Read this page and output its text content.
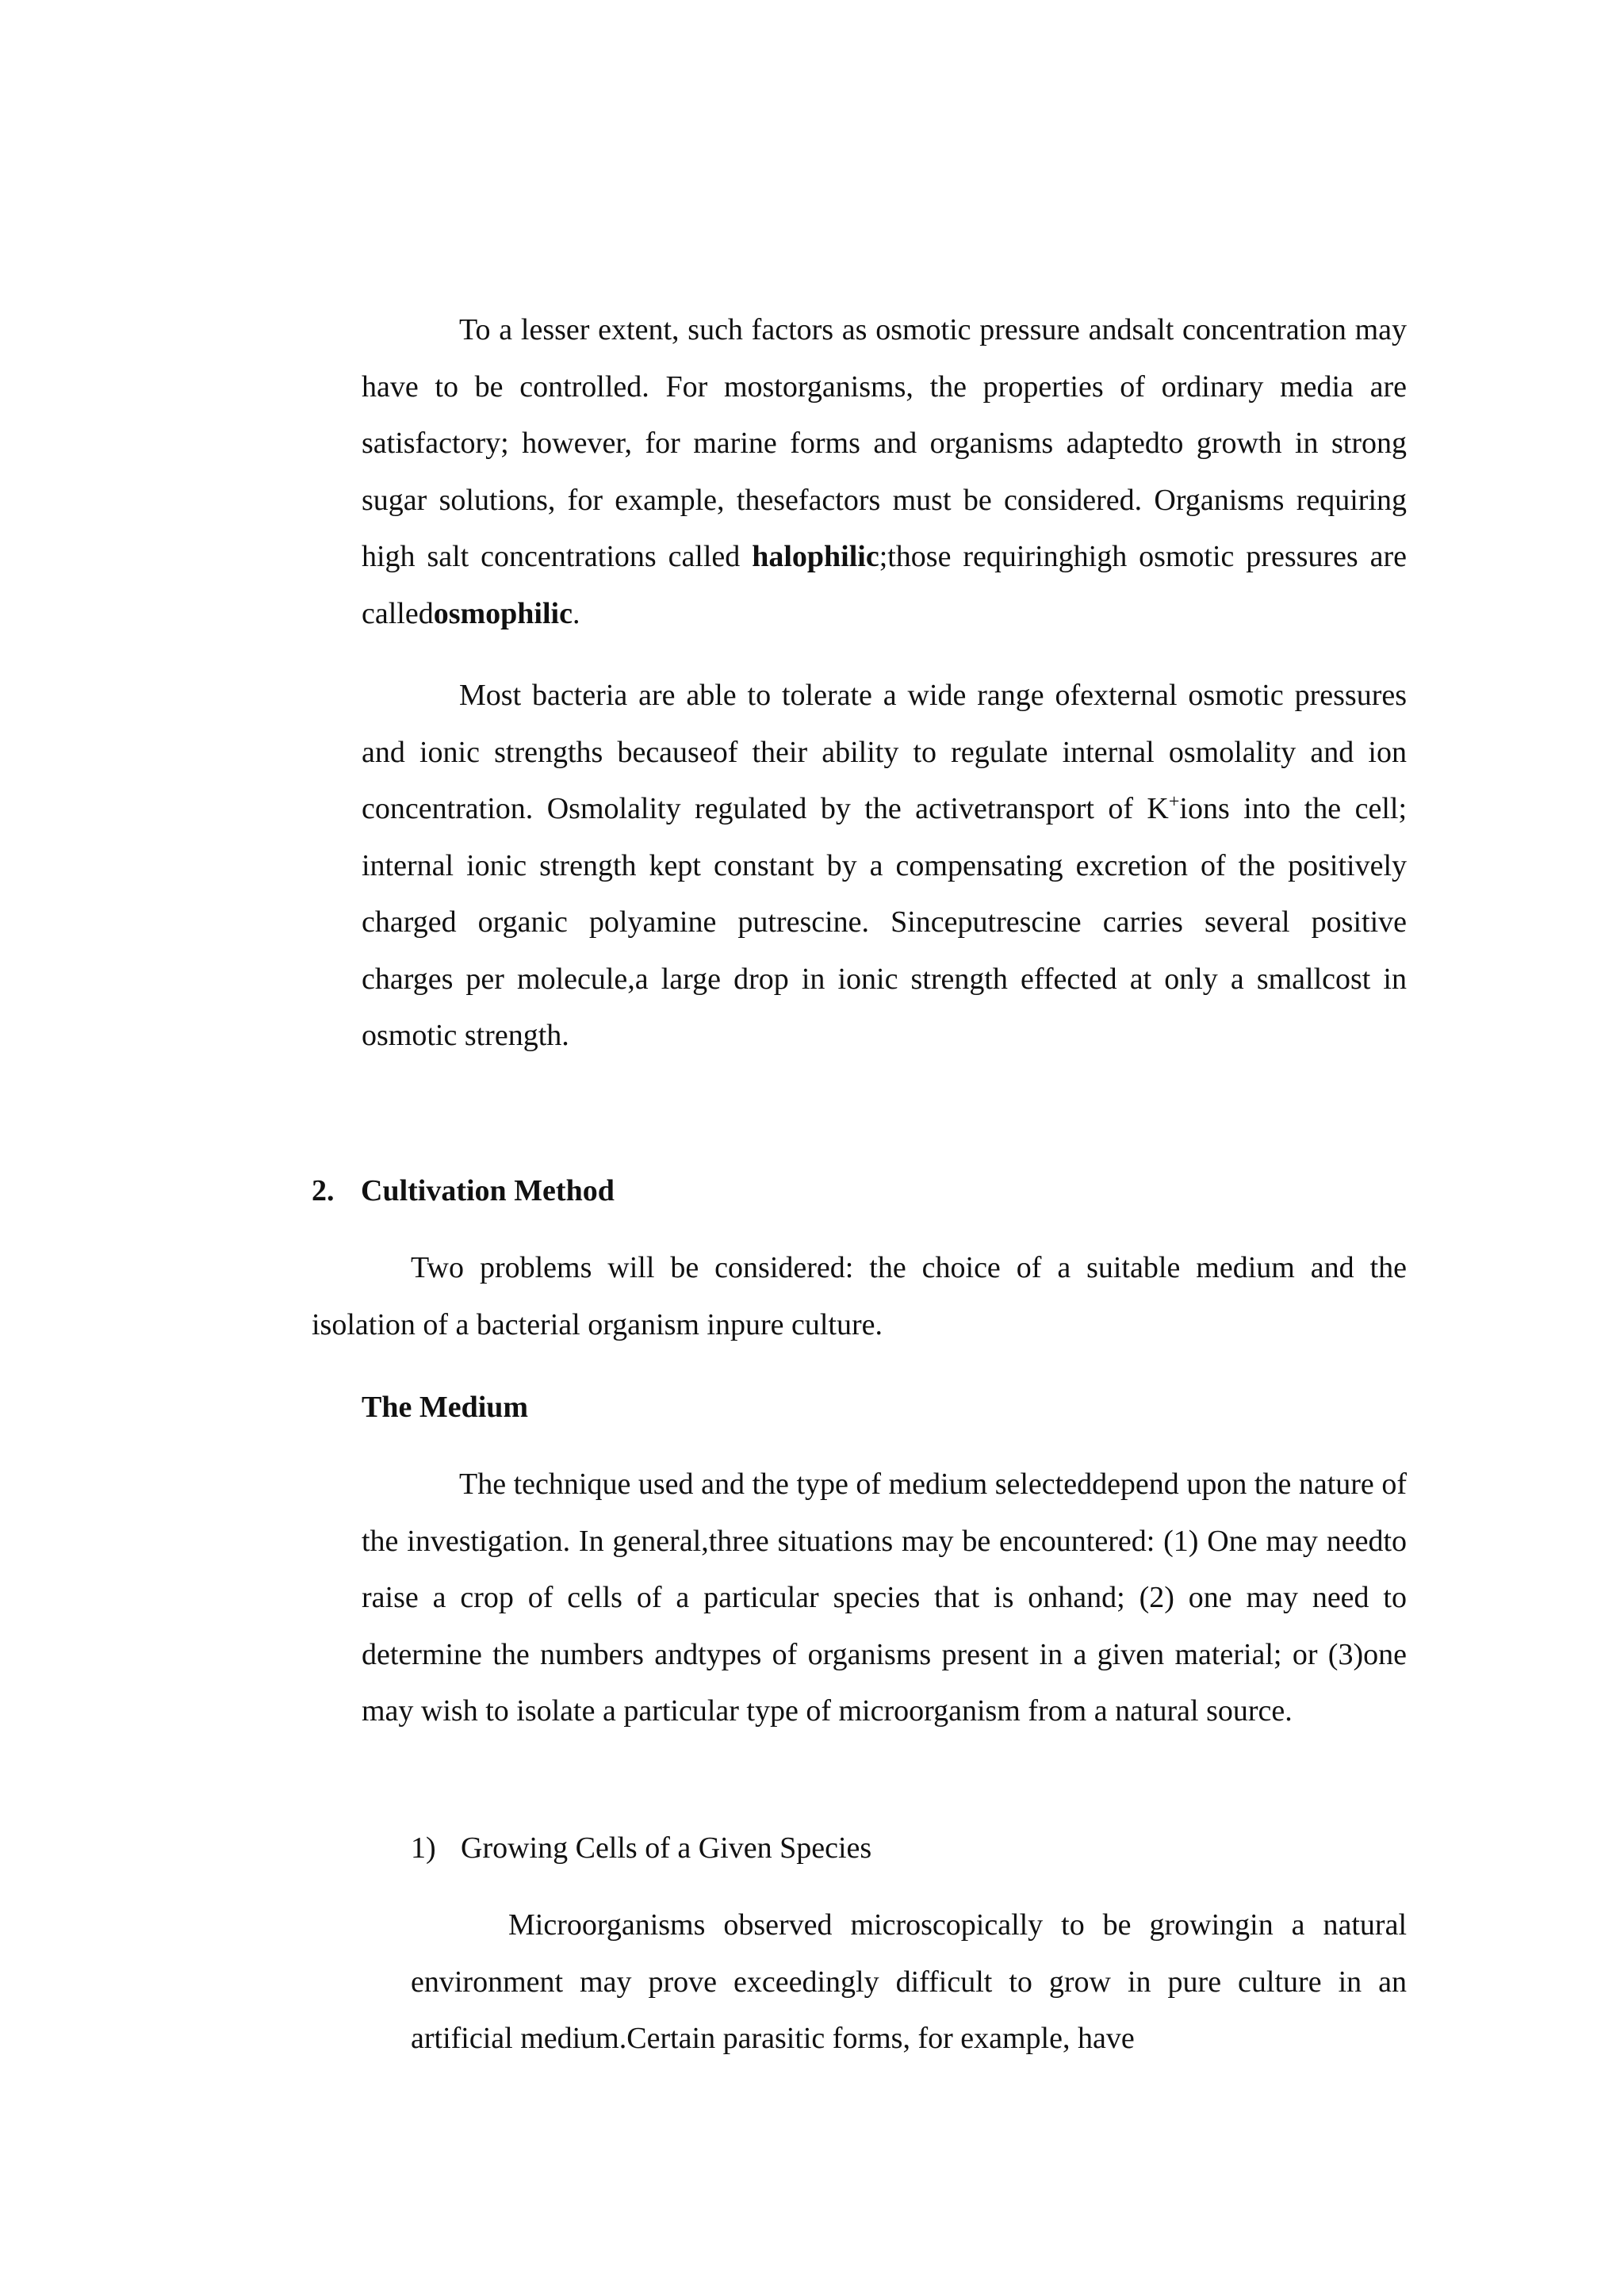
To a lesser extent, such factors as osmotic pressure andsalt concentration may have to be controlled. For mostorganisms, the properties of ordinary media are satisfactory; however, for marine forms and organisms adaptedto growth in strong sugar solutions, for example, thesefactors must be considered. Organisms requiring high salt concentrations called halophilic;those requiringhigh osmotic pressures are calledosmophilic.

Most bacteria are able to tolerate a wide range ofexternal osmotic pressures and ionic strengths becauseof their ability to regulate internal osmolality and ion concentration. Osmolality regulated by the activetransport of K+ions into the cell; internal ionic strength kept constant by a compensating excretion of the positively charged organic polyamine putrescine. Sinceputrescine carries several positive charges per molecule,a large drop in ionic strength effected at only a smallcost in osmotic strength.

2. Cultivation Method

Two problems will be considered: the choice of a suitable medium and the isolation of a bacterial organism inpure culture.

The Medium

The technique used and the type of medium selecteddepend upon the nature of the investigation. In general,three situations may be encountered: (1) One may needto raise a crop of cells of a particular species that is onhand; (2) one may need to determine the numbers andtypes of organisms present in a given material; or (3)one may wish to isolate a particular type of microorganism from a natural source.

1) Growing Cells of a Given Species

Microorganisms observed microscopically to be growingin a natural environment may prove exceedingly difficult to grow in pure culture in an artificial medium.Certain parasitic forms, for example, have
